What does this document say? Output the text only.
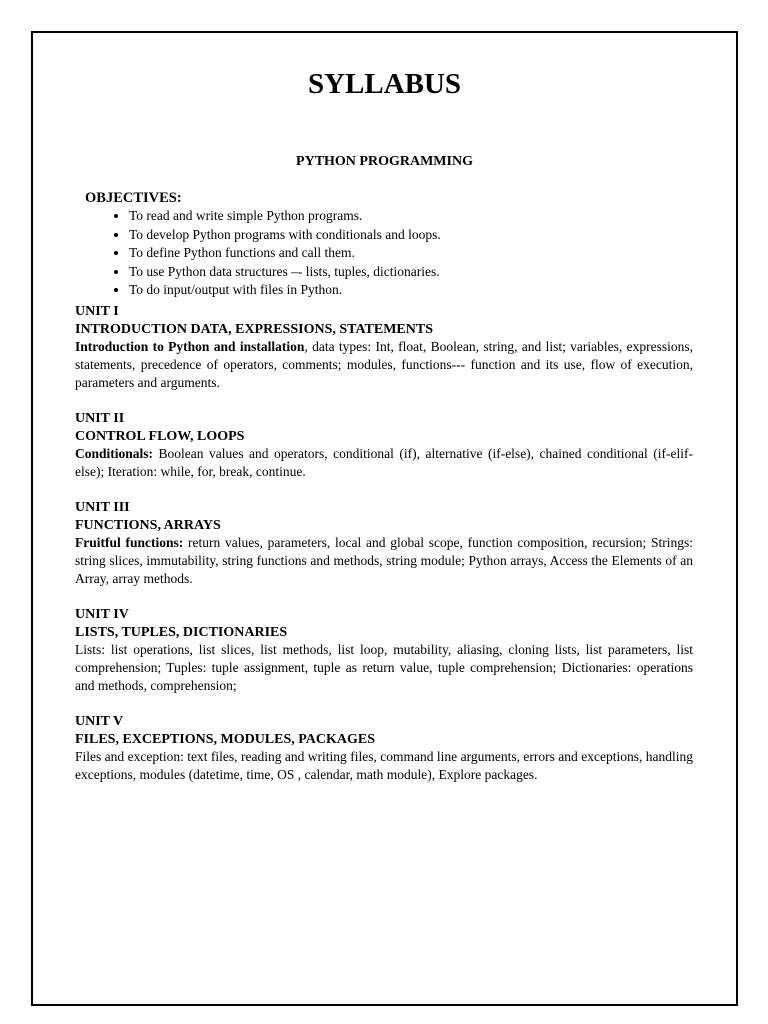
SYLLABUS
PYTHON PROGRAMMING

OBJECTIVES:

• To read and write simple Python programs.
• To develop Python programs with conditionals and loops.
• To define Python functions and call them.
• To use Python data structures –- lists, tuples, dictionaries.
• To do input/output with files in Python.

UNIT I

INTRODUCTION DATA, EXPRESSIONS, STATEMENTS

Introduction to Python and installation, data types: Int, float, Boolean, string, and list; variables, expressions, statements, precedence of operators, comments; modules, functions--- function and its use, flow of execution, parameters and arguments.

UNIT II

CONTROL FLOW, LOOPS

Conditionals: Boolean values and operators, conditional (if), alternative (if-else), chained conditional (if-elif-else); Iteration: while, for, break, continue.

UNIT III

FUNCTIONS, ARRAYS

Fruitful functions: return values, parameters, local and global scope, function composition, recursion; Strings: string slices, immutability, string functions and methods, string module; Python arrays, Access the Elements of an Array, array methods.

UNIT IV

LISTS, TUPLES, DICTIONARIES

Lists: list operations, list slices, list methods, list loop, mutability, aliasing, cloning lists, list parameters, list comprehension; Tuples: tuple assignment, tuple as return value, tuple comprehension; Dictionaries: operations and methods, comprehension;

UNIT V

FILES, EXCEPTIONS, MODULES, PACKAGES

Files and exception: text files, reading and writing files, command line arguments, errors and exceptions, handling exceptions, modules (datetime, time, OS , calendar, math module), Explore packages.
